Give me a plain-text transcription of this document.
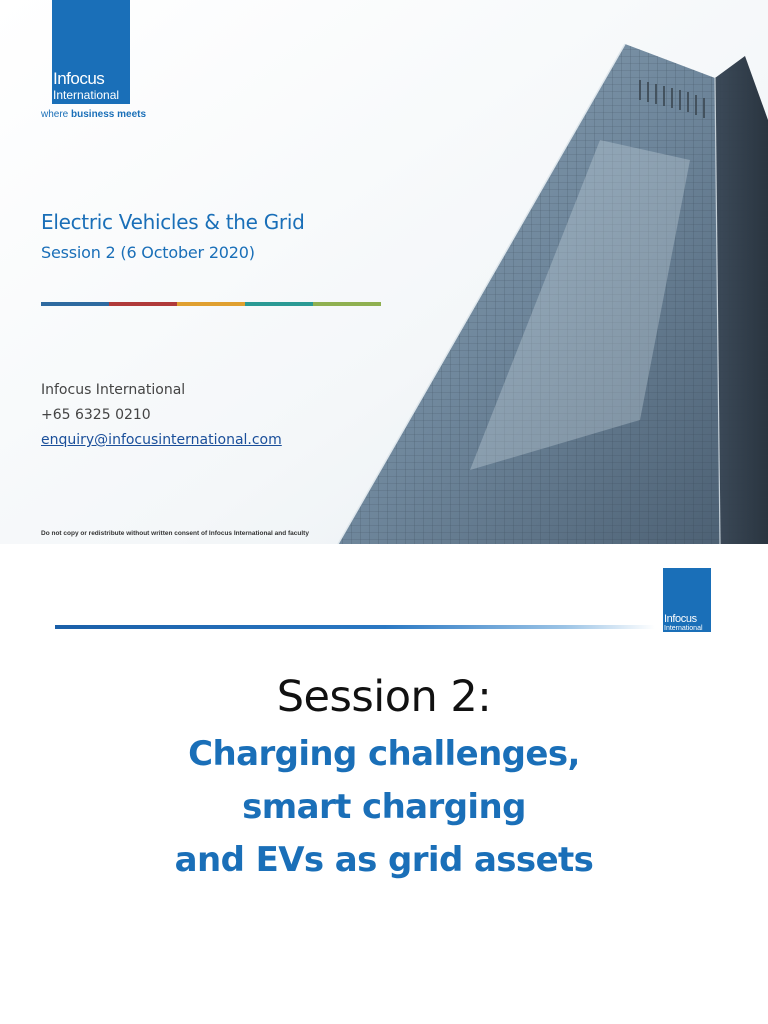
Infocus
International
where business meets
Electric Vehicles & the Grid
Session 2 (6 October 2020)
Infocus International
+65 6325 0210
enquiry@infocusinternational.com
Do not copy or redistribute without written consent of Infocus International and faculty
Infocus
International
Session 2:
Charging challenges,
smart charging
and EVs as grid assets
